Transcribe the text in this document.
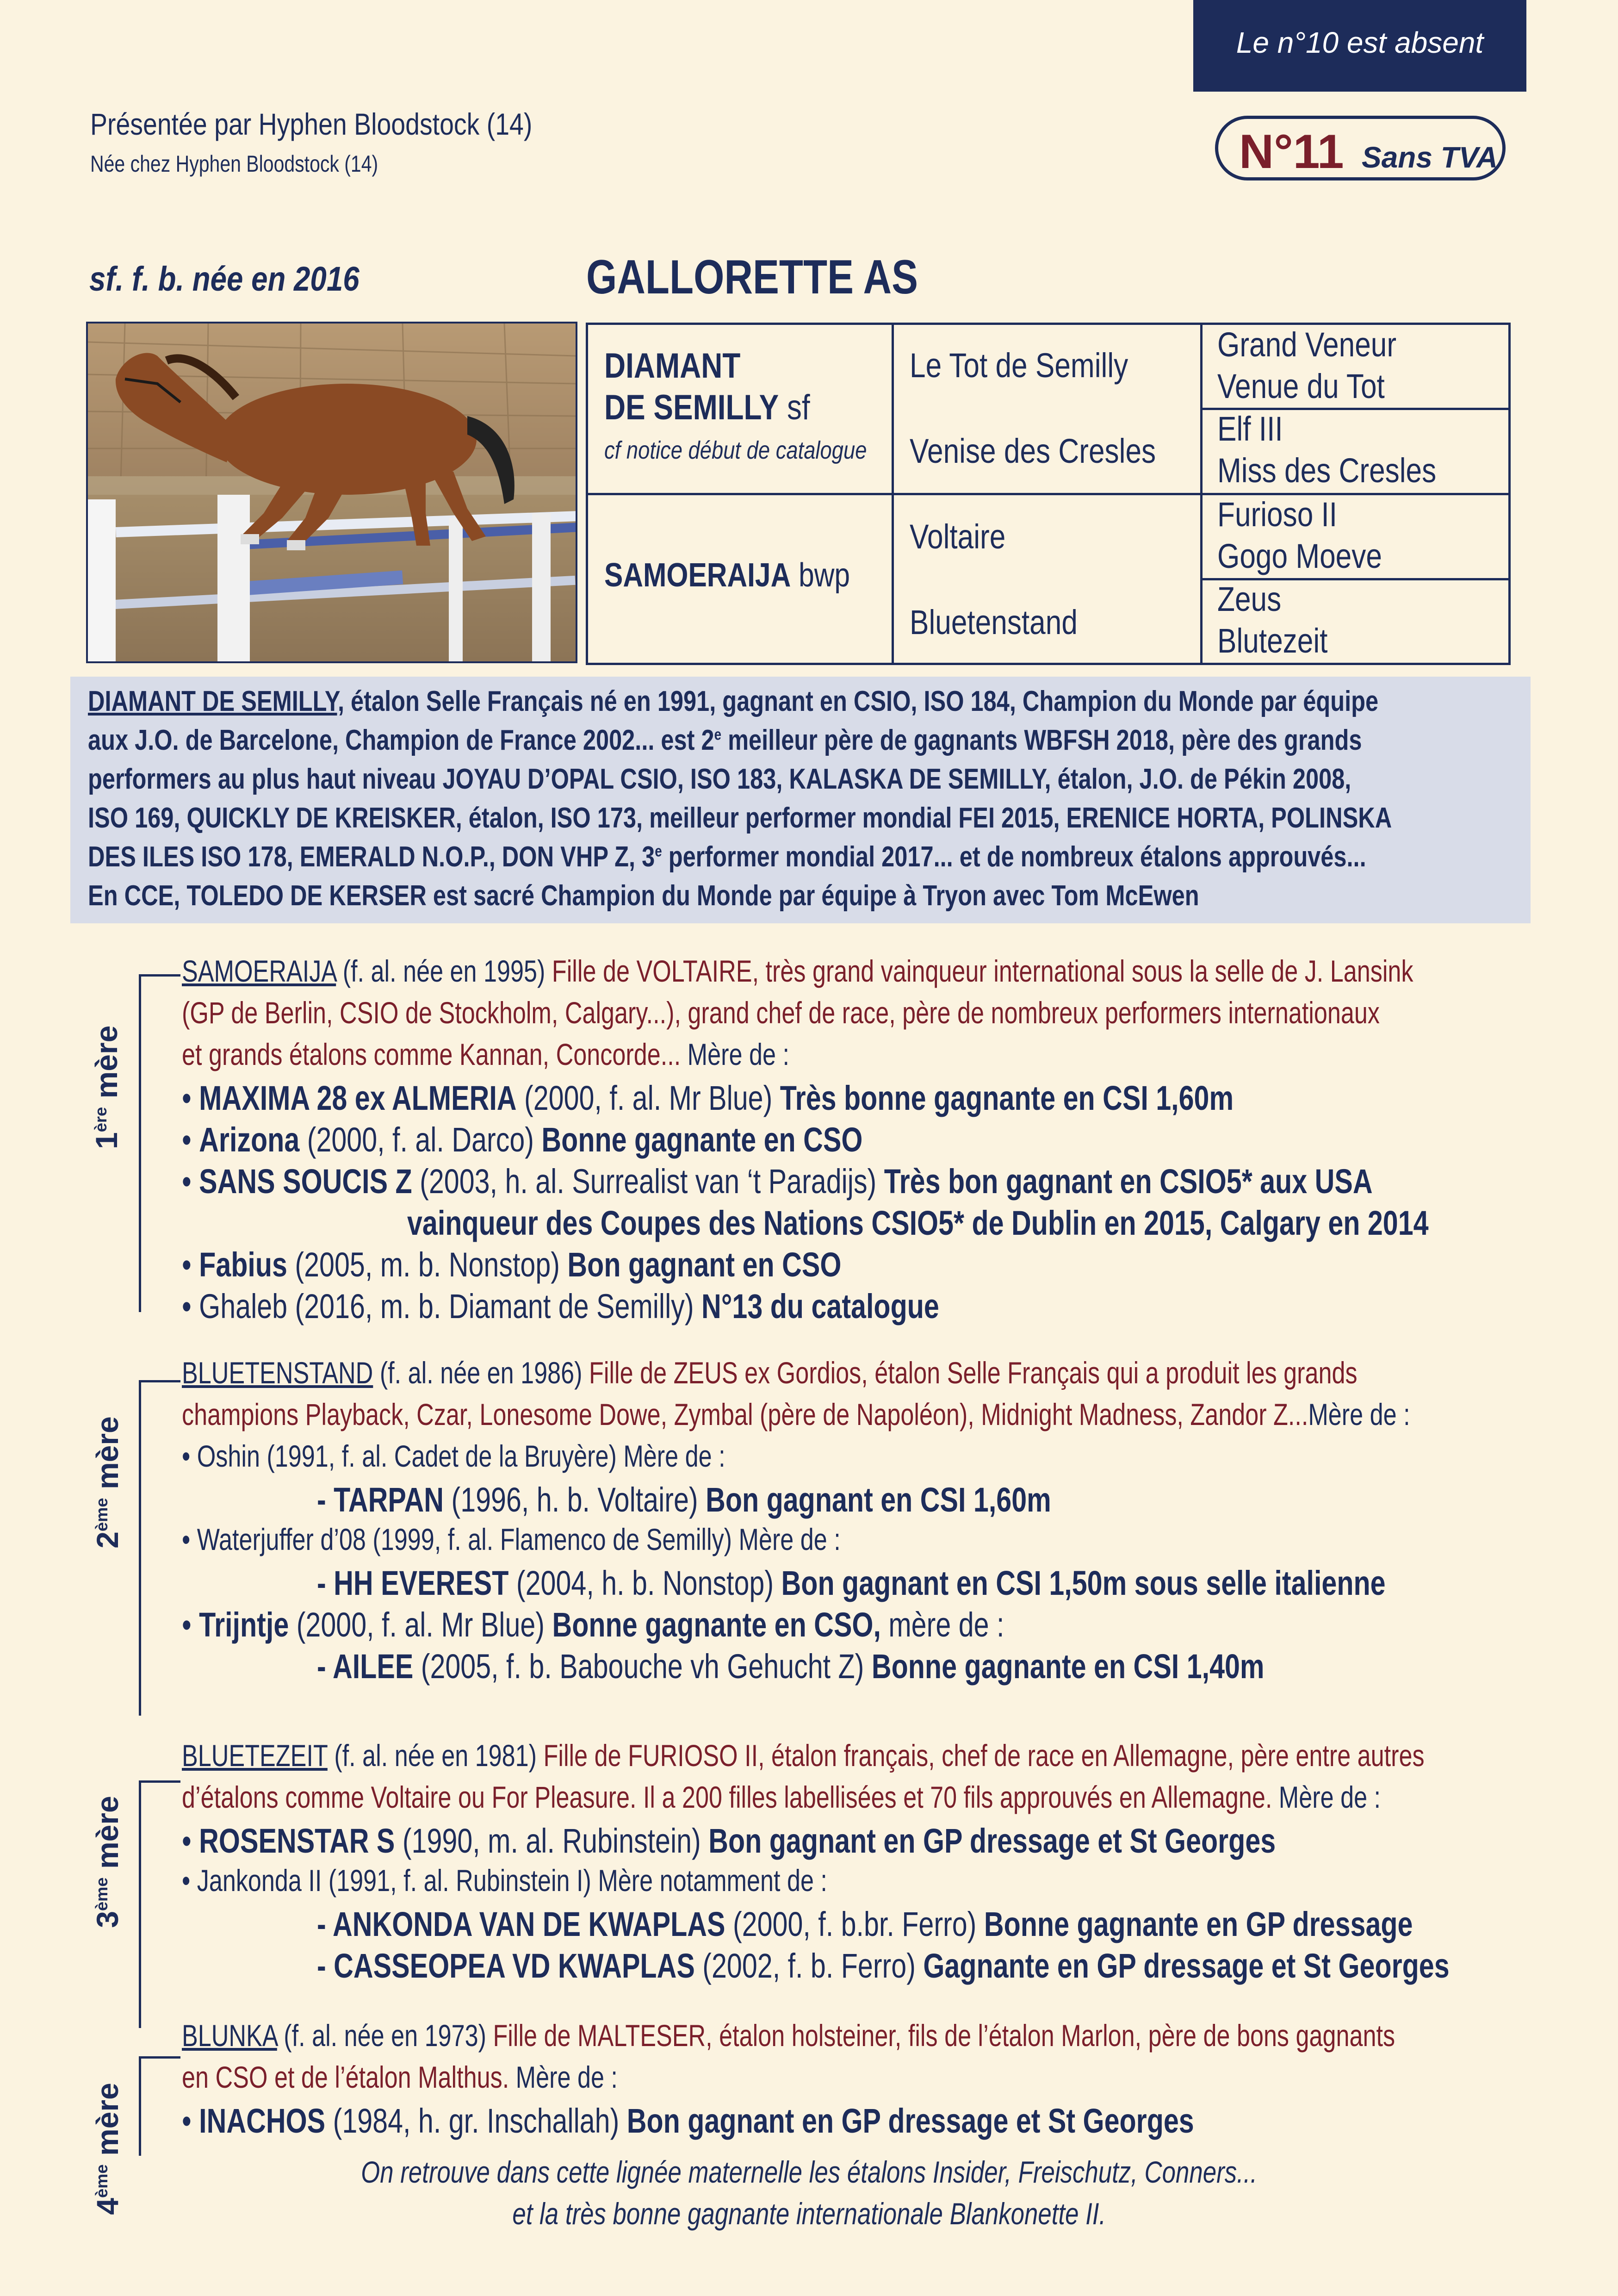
Le n°10 est absent
N°11 Sans TVA
Présentée par Hyphen Bloodstock (14)
Née chez Hyphen Bloodstock (14)
sf. f. b. née en 2016	GALLORETTE AS
DIAMANT
DE SEMILLY sf
cf notice début de catalogue
SAMOERAIJA bwp
Le Tot de Semilly
Venise des Cresles
Voltaire
Bluetenstand
Grand Veneur
Venue du Tot
Elf III
Miss des Cresles
Furioso II
Gogo Moeve
Zeus
Blutezeit
DIAMANT DE SEMILLY, étalon Selle Français né en 1991, gagnant en CSIO, ISO 184, Champion du Monde par équipe
aux J.O. de Barcelone, Champion de France 2002... est 2e meilleur père de gagnants WBFSH 2018, père des grands
performers au plus haut niveau JOYAU D’OPAL CSIO, ISO 183, KALASKA DE SEMILLY, étalon, J.O. de Pékin 2008,
ISO 169, QUICKLY DE KREISKER, étalon, ISO 173, meilleur performer mondial FEI 2015, ERENICE HORTA, POLINSKA
DES ILES ISO 178, EMERALD N.O.P., DON VHP Z, 3e performer mondial 2017... et de nombreux étalons approuvés...
En CCE, TOLEDO DE KERSER est sacré Champion du Monde par équipe à Tryon avec Tom McEwen
1ère mère
2ème mère
3ème mère
4ème mère
SAMOERAIJA (f. al. née en 1995) Fille de VOLTAIRE, très grand vainqueur international sous la selle de J. Lansink
(GP de Berlin, CSIO de Stockholm, Calgary...), grand chef de race, père de nombreux performers internationaux
et grands étalons comme Kannan, Concorde... Mère de :
• MAXIMA 28 ex ALMERIA (2000, f. al. Mr Blue) Très bonne gagnante en CSI 1,60m
• Arizona (2000, f. al. Darco) Bonne gagnante en CSO
• SANS SOUCIS Z (2003, h. al. Surrealist van ‘t Paradijs) Très bon gagnant en CSIO5* aux USA
vainqueur des Coupes des Nations CSIO5* de Dublin en 2015, Calgary en 2014
• Fabius (2005, m. b. Nonstop) Bon gagnant en CSO
• Ghaleb (2016, m. b. Diamant de Semilly) N°13 du catalogue
BLUETENSTAND (f. al. née en 1986) Fille de ZEUS ex Gordios, étalon Selle Français qui a produit les grands
champions Playback, Czar, Lonesome Dowe, Zymbal (père de Napoléon), Midnight Madness, Zandor Z...Mère de :
• Oshin (1991, f. al. Cadet de la Bruyère) Mère de :
- TARPAN (1996, h. b. Voltaire) Bon gagnant en CSI 1,60m
• Waterjuffer d’08 (1999, f. al. Flamenco de Semilly) Mère de :
- HH EVEREST (2004, h. b. Nonstop) Bon gagnant en CSI 1,50m sous selle italienne
• Trijntje (2000, f. al. Mr Blue) Bonne gagnante en CSO, mère de :
- AILEE (2005, f. b. Babouche vh Gehucht Z) Bonne gagnante en CSI 1,40m
BLUETEZEIT (f. al. née en 1981) Fille de FURIOSO II, étalon français, chef de race en Allemagne, père entre autres
d’étalons comme Voltaire ou For Pleasure. Il a 200 filles labellisées et 70 fils approuvés en Allemagne. Mère de :
• ROSENSTAR S (1990, m. al. Rubinstein) Bon gagnant en GP dressage et St Georges
• Jankonda II (1991, f. al. Rubinstein I) Mère notamment de :
- ANKONDA VAN DE KWAPLAS (2000, f. b.br. Ferro) Bonne gagnante en GP dressage
- CASSEOPEA VD KWAPLAS (2002, f. b. Ferro) Gagnante en GP dressage et St Georges
BLUNKA (f. al. née en 1973) Fille de MALTESER, étalon holsteiner, fils de l’étalon Marlon, père de bons gagnants
en CSO et de l’étalon Malthus. Mère de :
• INACHOS (1984, h. gr. Inschallah) Bon gagnant en GP dressage et St Georges
On retrouve dans cette lignée maternelle les étalons Insider, Freischutz, Conners...
et la très bonne gagnante internationale Blankonette II.
